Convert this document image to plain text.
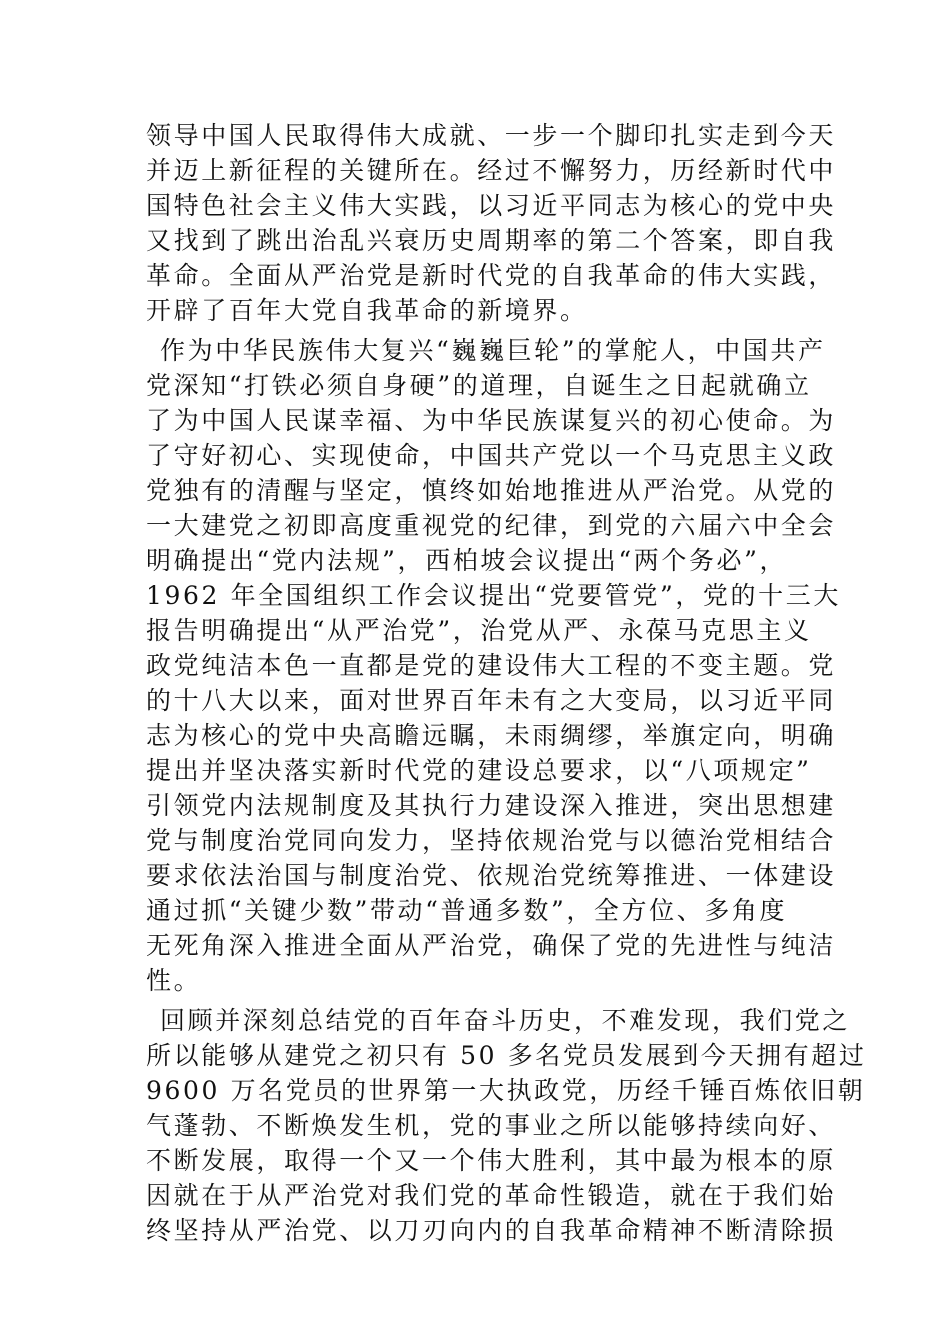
领导中国人民取得伟大成就、一步一个脚印扎实走到今天
并迈上新征程的关键所在。经过不懈努力，历经新时代中
国特色社会主义伟大实践，以习近平同志为核心的党中央
又找到了跳出治乱兴衰历史周期率的第二个答案，即自我
革命。全面从严治党是新时代党的自我革命的伟大实践，
开辟了百年大党自我革命的新境界。
作为中华民族伟大复兴“巍巍巨轮”的掌舵人，中国共产
党深知“打铁必须自身硬”的道理，自诞生之日起就确立
了为中国人民谋幸福、为中华民族谋复兴的初心使命。为
了守好初心、实现使命，中国共产党以一个马克思主义政
党独有的清醒与坚定，慎终如始地推进从严治党。从党的
一大建党之初即高度重视党的纪律，到党的六届六中全会
明确提出“党内法规”，西柏坡会议提出“两个务必”，
1962 年全国组织工作会议提出“党要管党”，党的十三大
报告明确提出“从严治党”，治党从严、永葆马克思主义
政党纯洁本色一直都是党的建设伟大工程的不变主题。党
的十八大以来，面对世界百年未有之大变局，以习近平同
志为核心的党中央高瞻远瞩，未雨绸缪，举旗定向，明确
提出并坚决落实新时代党的建设总要求，以“八项规定”
引领党内法规制度及其执行力建设深入推进，突出思想建
党与制度治党同向发力，坚持依规治党与以德治党相结合
要求依法治国与制度治党、依规治党统筹推进、一体建设
通过抓“关键少数”带动“普通多数”，全方位、多角度
无死角深入推进全面从严治党，确保了党的先进性与纯洁
性。
回顾并深刻总结党的百年奋斗历史，不难发现，我们党之
所以能够从建党之初只有 50 多名党员发展到今天拥有超过
9600 万名党员的世界第一大执政党，历经千锤百炼依旧朝
气蓬勃、不断焕发生机，党的事业之所以能够持续向好、
不断发展，取得一个又一个伟大胜利，其中最为根本的原
因就在于从严治党对我们党的革命性锻造，就在于我们始
终坚持从严治党、以刀刃向内的自我革命精神不断清除损
